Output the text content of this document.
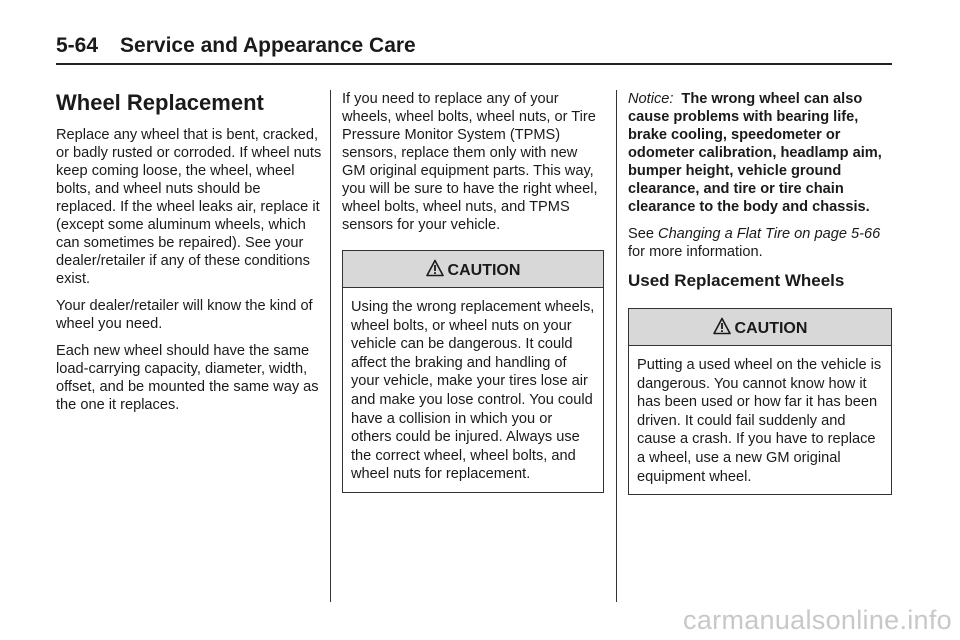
5-64 Service and Appearance Care
Wheel Replacement

Replace any wheel that is bent, cracked, or badly rusted or corroded. If wheel nuts keep coming loose, the wheel, wheel bolts, and wheel nuts should be replaced. If the wheel leaks air, replace it (except some aluminum wheels, which can sometimes be repaired). See your dealer/retailer if any of these conditions exist.

Your dealer/retailer will know the kind of wheel you need.

Each new wheel should have the same load-carrying capacity, diameter, width, offset, and be mounted the same way as the one it replaces.

If you need to replace any of your wheels, wheel bolts, wheel nuts, or Tire Pressure Monitor System (TPMS) sensors, replace them only with new GM original equipment parts. This way, you will be sure to have the right wheel, wheel bolts, wheel nuts, and TPMS sensors for your vehicle.

CAUTION
Using the wrong replacement wheels, wheel bolts, or wheel nuts on your vehicle can be dangerous. It could affect the braking and handling of your vehicle, make your tires lose air and make you lose control. You could have a collision in which you or others could be injured. Always use the correct wheel, wheel bolts, and wheel nuts for replacement.

Notice: The wrong wheel can also cause problems with bearing life, brake cooling, speedometer or odometer calibration, headlamp aim, bumper height, vehicle ground clearance, and tire or tire chain clearance to the body and chassis.

See Changing a Flat Tire on page 5-66 for more information.

Used Replacement Wheels
CAUTION
Putting a used wheel on the vehicle is dangerous. You cannot know how it has been used or how far it has been driven. It could fail suddenly and cause a crash. If you have to replace a wheel, use a new GM original equipment wheel.
carmanualsonline.info
